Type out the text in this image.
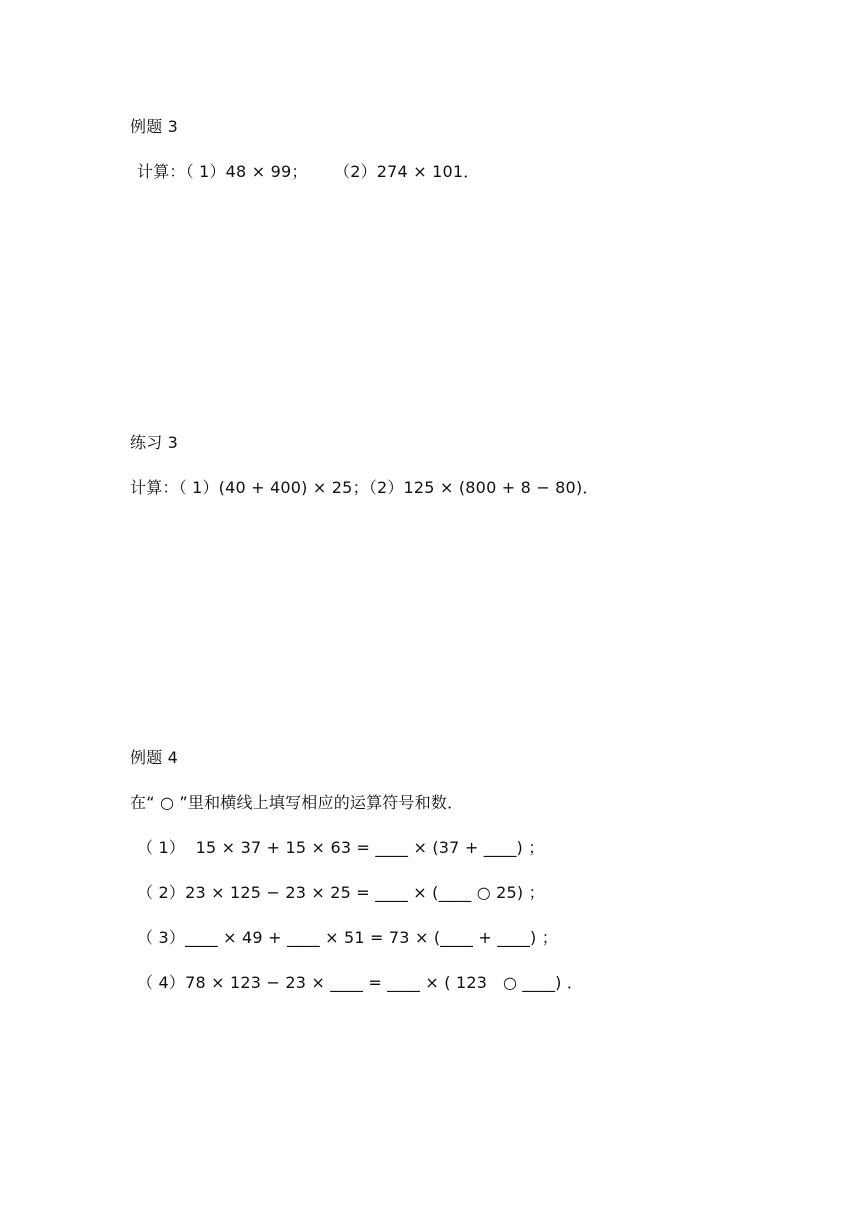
例题 3
计算：（ 1）48 × 99；     （2）274 × 101．
练习 3
计算：（ 1）(40 + 400) × 25；（2）125 × (800 + 8 − 80)．
例题 4
在“ ○ ”里和横线上填写相应的运算符号和数．
（ 1）  15 × 37 + 15 × 63 = ____ × (37 + ____) ；
（ 2）23 × 125 − 23 × 25 = ____ × (____ ○ 25) ；
（ 3）____ × 49 + ____ × 51 = 73 × (____ + ____) ；
（ 4）78 × 123 − 23 × ____ = ____ × ( 123   ○ ____) ．
